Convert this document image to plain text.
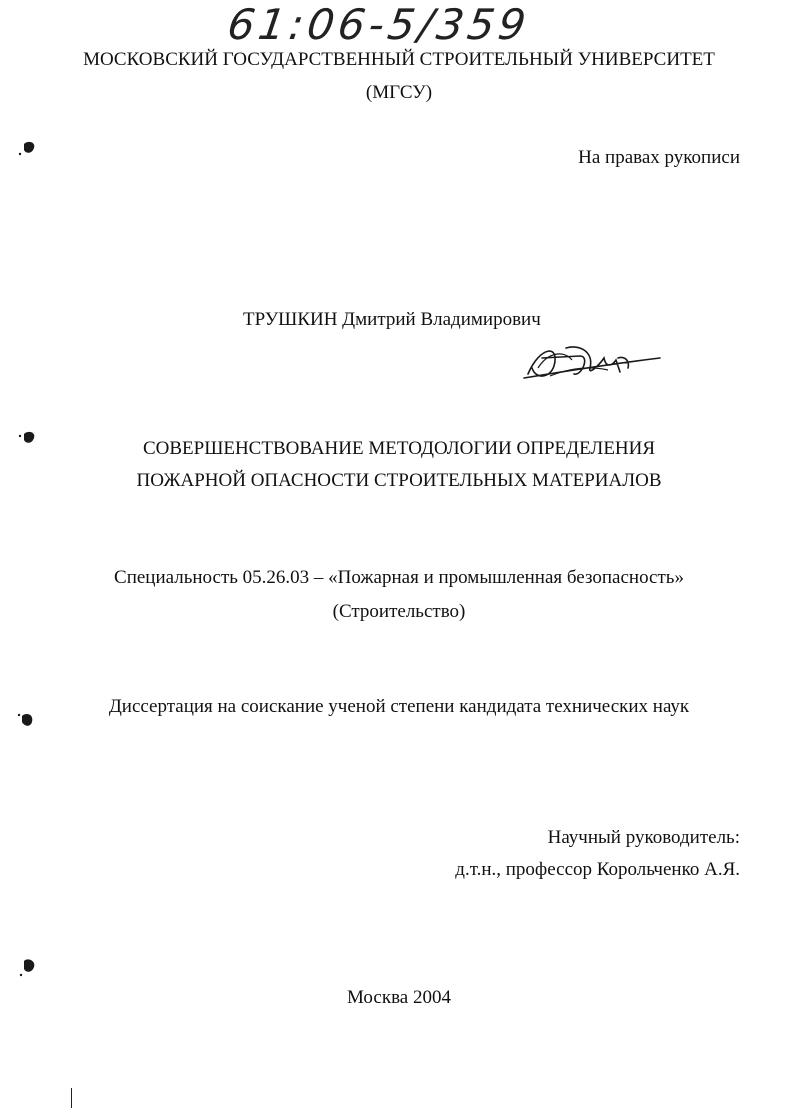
61:06-5/359
МОСКОВСКИЙ ГОСУДАРСТВЕННЫЙ СТРОИТЕЛЬНЫЙ УНИВЕРСИТЕТ
(МГСУ)
На правах рукописи
ТРУШКИН Дмитрий Владимирович
СОВЕРШЕНСТВОВАНИЕ МЕТОДОЛОГИИ ОПРЕДЕЛЕНИЯ
ПОЖАРНОЙ ОПАСНОСТИ СТРОИТЕЛЬНЫХ МАТЕРИАЛОВ
Специальность 05.26.03 – «Пожарная и промышленная безопасность»
(Строительство)
Диссертация на соискание ученой степени кандидата технических наук
Научный руководитель:
д.т.н., профессор Корольченко А.Я.
Москва 2004
